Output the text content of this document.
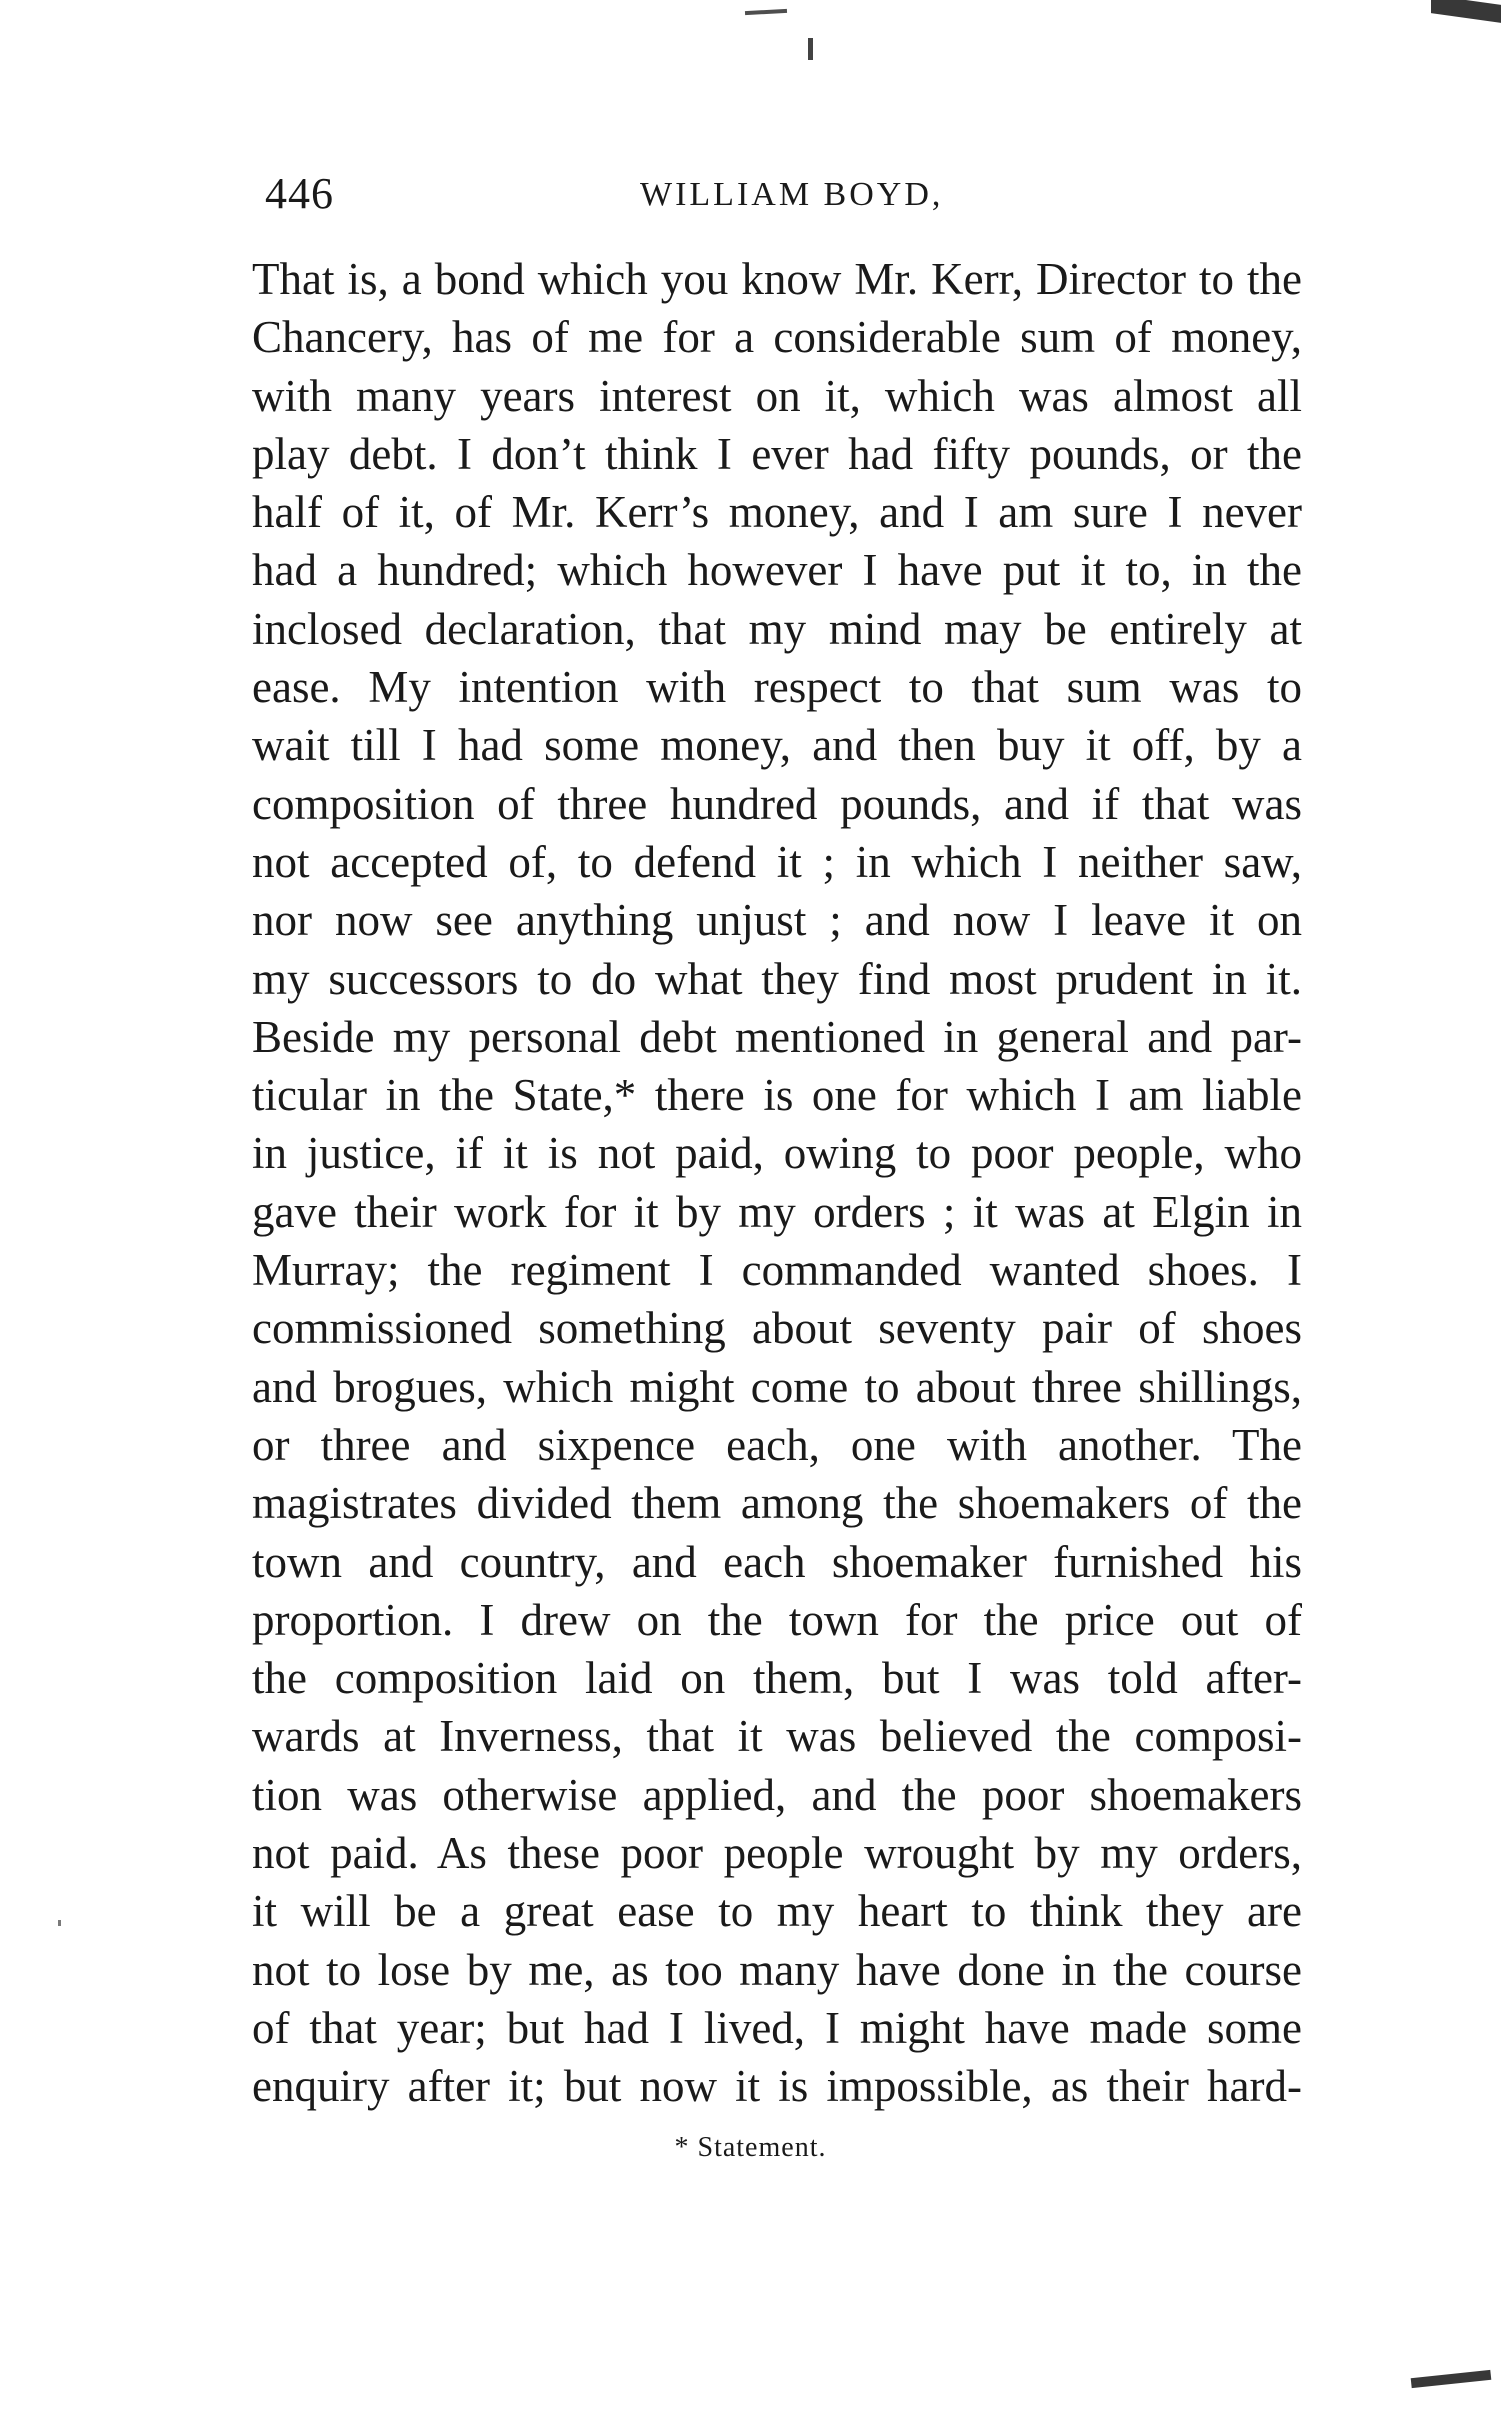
446	WILLIAM BOYD,
That is, a bond which you know Mr. Kerr, Director to the
Chancery, has of me for a considerable sum of money,
with many years interest on it, which was almost all
play debt. I don’t think I ever had fifty pounds, or the
half of it, of Mr. Kerr’s money, and I am sure I never
had a hundred; which however I have put it to, in the
inclosed declaration, that my mind may be entirely at
ease. My intention with respect to that sum was to
wait till I had some money, and then buy it off, by a
composition of three hundred pounds, and if that was
not accepted of, to defend it ; in which I neither saw,
nor now see anything unjust ; and now I leave it on
my successors to do what they find most prudent in it.
Beside my personal debt mentioned in general and par-
ticular in the State,* there is one for which I am liable
in justice, if it is not paid, owing to poor people, who
gave their work for it by my orders ; it was at Elgin in
Murray; the regiment I commanded wanted shoes. I
commissioned something about seventy pair of shoes
and brogues, which might come to about three shillings,
or three and sixpence each, one with another. The
magistrates divided them among the shoemakers of the
town and country, and each shoemaker furnished his
proportion. I drew on the town for the price out of
the composition laid on them, but I was told after-
wards at Inverness, that it was believed the composi-
tion was otherwise applied, and the poor shoemakers
not paid. As these poor people wrought by my orders,
it will be a great ease to my heart to think they are
not to lose by me, as too many have done in the course
of that year; but had I lived, I might have made some
enquiry after it; but now it is impossible, as their hard-
* Statement.
